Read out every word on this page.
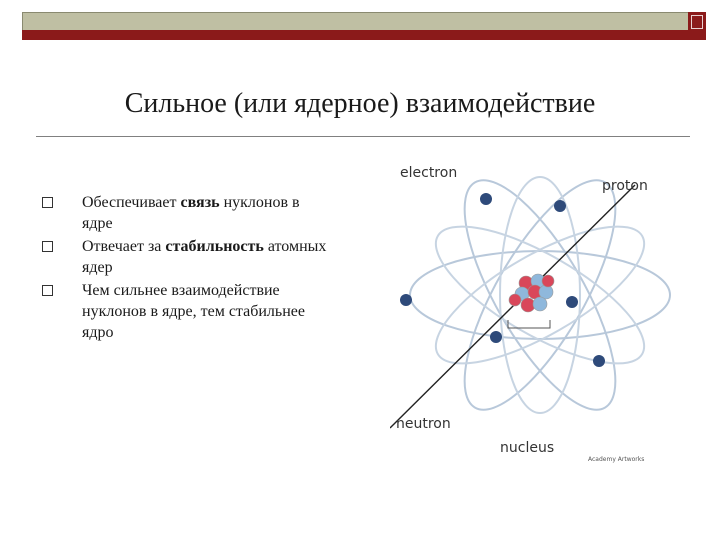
Сильное (или ядерное) взаимодействие
Обеспечивает связь нуклонов в ядре
Отвечает за стабильность атомных ядер
Чем сильнее взаимодействие нуклонов в ядре, тем стабильнее ядро
electron
proton
neutron
nucleus
Academy Artworks
